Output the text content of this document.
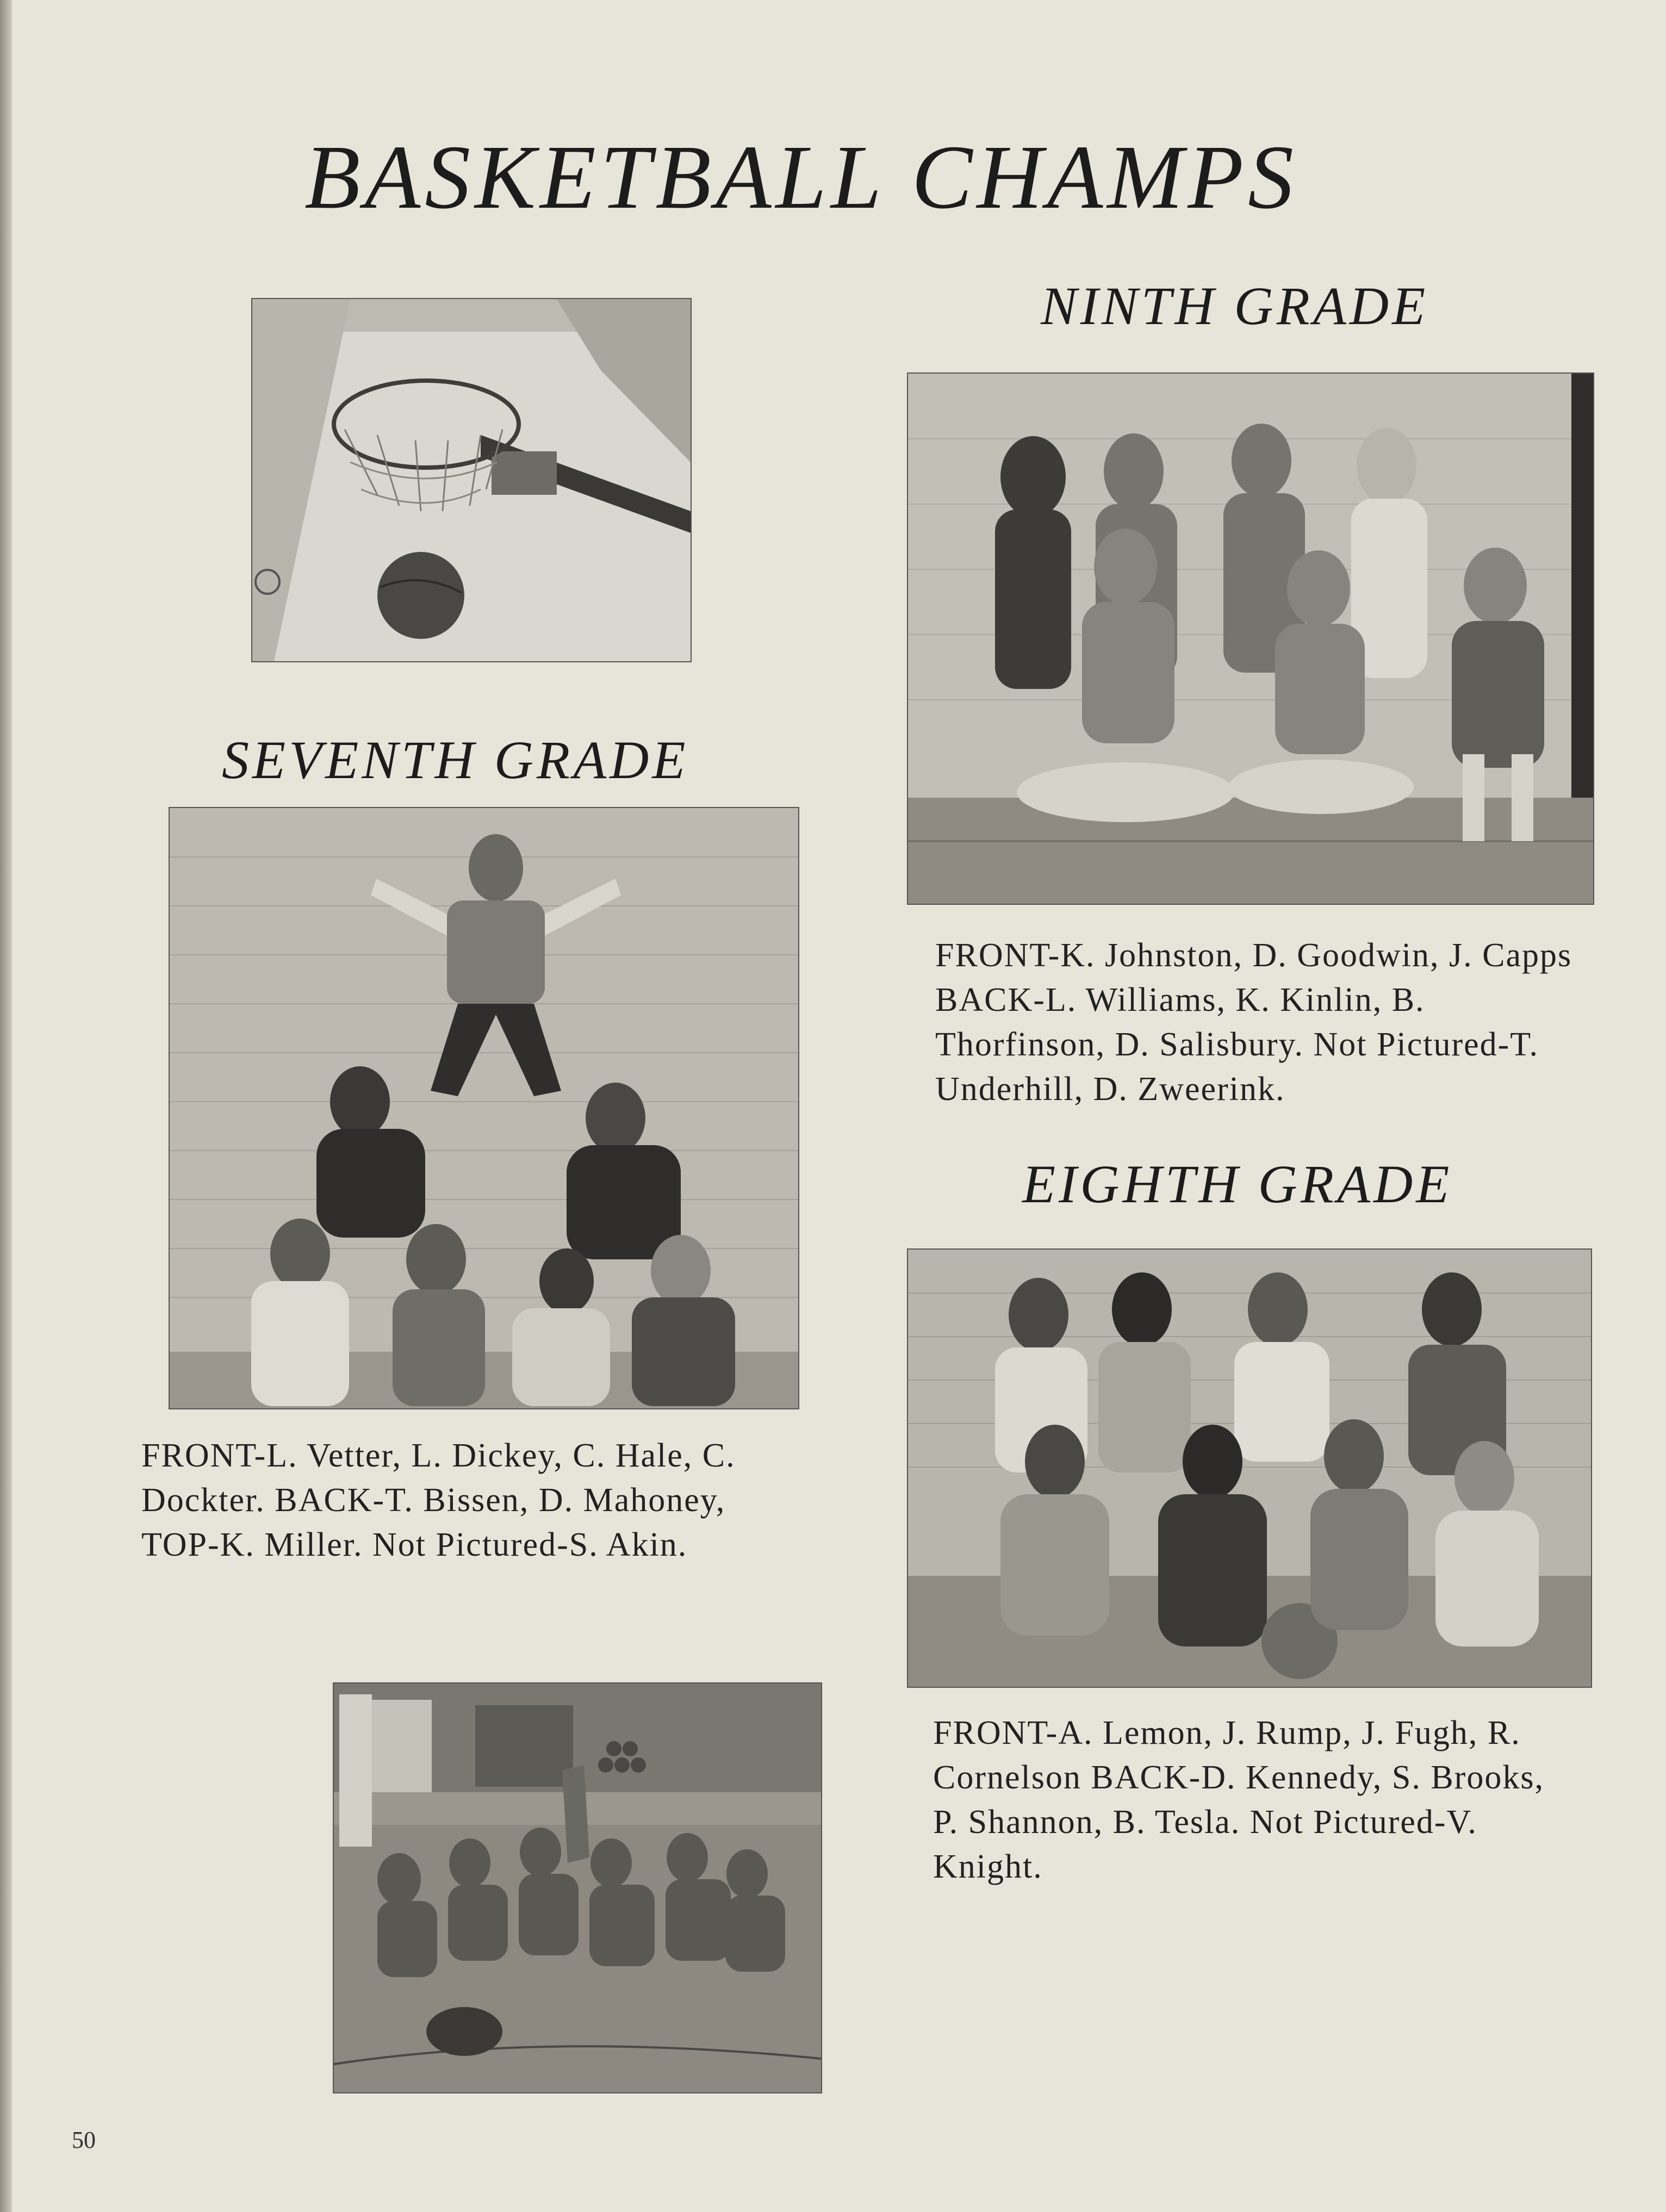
BASKETBALL CHAMPS
NINTH GRADE

FRONT-K. Johnston, D. Goodwin, J. Capps BACK-L. Williams, K. Kinlin, B. Thorfinson, D. Salisbury. Not Pictured-T. Underhill, D. Zweerink.

SEVENTH GRADE

FRONT-L. Vetter, L. Dickey, C. Hale, C. Dockter. BACK-T. Bissen, D. Mahoney, TOP-K. Miller. Not Pictured-S. Akin.

EIGHTH GRADE

FRONT-A. Lemon, J. Rump, J. Fugh, R. Cornelson BACK-D. Kennedy, S. Brooks, P. Shannon, B. Tesla. Not Pictured-V. Knight.

50
